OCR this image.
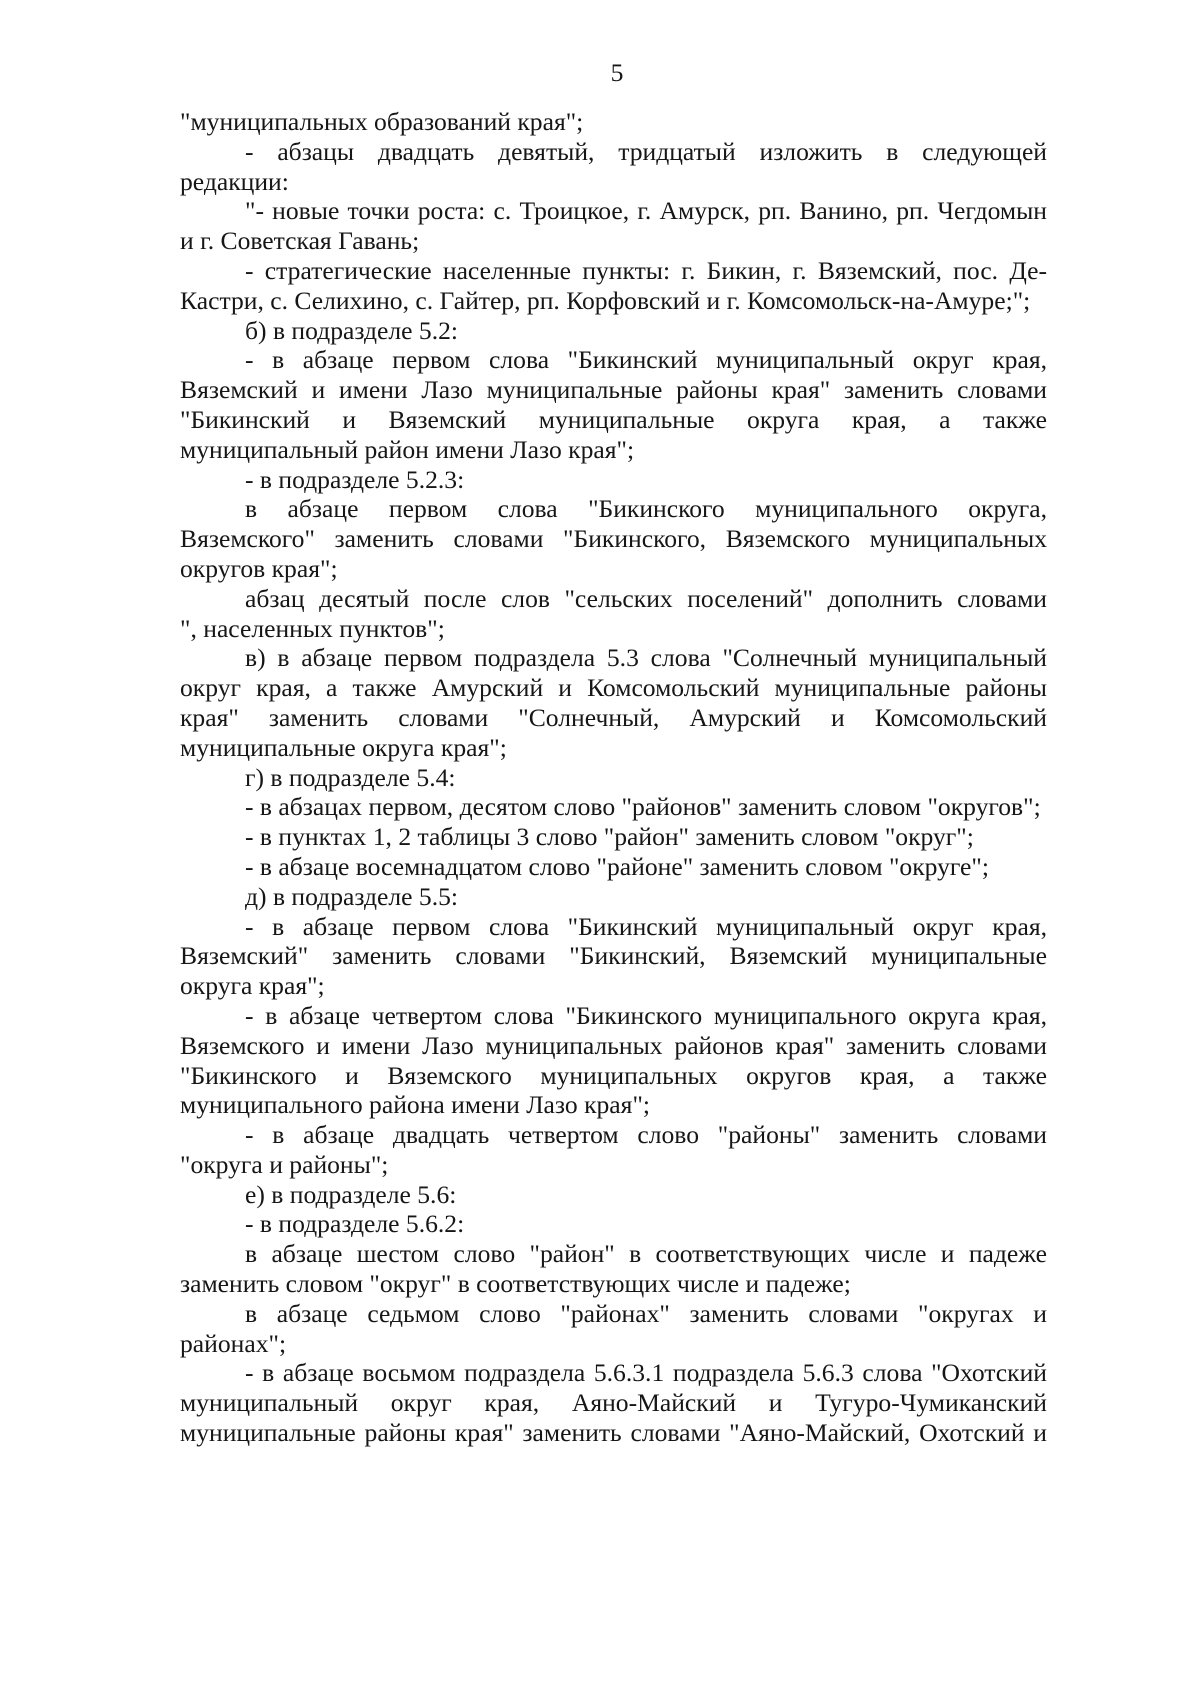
5
"муниципальных образований края";
- абзацы двадцать девятый, тридцатый изложить в следующей
редакции:
"- новые точки роста: с. Троицкое, г. Амурск, рп. Ванино, рп. Чегдомын
и г. Советская Гавань;
- стратегические населенные пункты: г. Бикин, г. Вяземский, пос. Де-
Кастри, с. Селихино, с. Гайтер, рп. Корфовский и г. Комсомольск-на-Амуре;";
б) в подразделе 5.2:
- в абзаце первом слова "Бикинский муниципальный округ края,
Вяземский и имени Лазо муниципальные районы края" заменить словами
"Бикинский и Вяземский муниципальные округа края, а также
муниципальный район имени Лазо края";
- в подразделе 5.2.3:
в абзаце первом слова "Бикинского муниципального округа,
Вяземского" заменить словами "Бикинского, Вяземского муниципальных
округов края";
абзац десятый после слов "сельских поселений" дополнить словами
", населенных пунктов";
в) в абзаце первом подраздела 5.3 слова "Солнечный муниципальный
округ края, а также Амурский и Комсомольский муниципальные районы
края" заменить словами "Солнечный, Амурский и Комсомольский
муниципальные округа края";
г) в подразделе 5.4:
- в абзацах первом, десятом слово "районов" заменить словом "округов";
- в пунктах 1, 2 таблицы 3 слово "район" заменить словом "округ";
- в абзаце восемнадцатом слово "районе" заменить словом "округе";
д) в подразделе 5.5:
- в абзаце первом слова "Бикинский муниципальный округ края,
Вяземский" заменить словами "Бикинский, Вяземский муниципальные
округа края";
- в абзаце четвертом слова "Бикинского муниципального округа края,
Вяземского и имени Лазо муниципальных районов края" заменить словами
"Бикинского и Вяземского муниципальных округов края, а также
муниципального района имени Лазо края";
- в абзаце двадцать четвертом слово "районы" заменить словами
"округа и районы";
е) в подразделе 5.6:
- в подразделе 5.6.2:
в абзаце шестом слово "район" в соответствующих числе и падеже
заменить словом "округ" в соответствующих числе и падеже;
в абзаце седьмом слово "районах" заменить словами "округах и
районах";
- в абзаце восьмом подраздела 5.6.3.1 подраздела 5.6.3 слова "Охотский
муниципальный округ края, Аяно-Майский и Тугуро-Чумиканский
муниципальные районы края" заменить словами "Аяно-Майский, Охотский и
